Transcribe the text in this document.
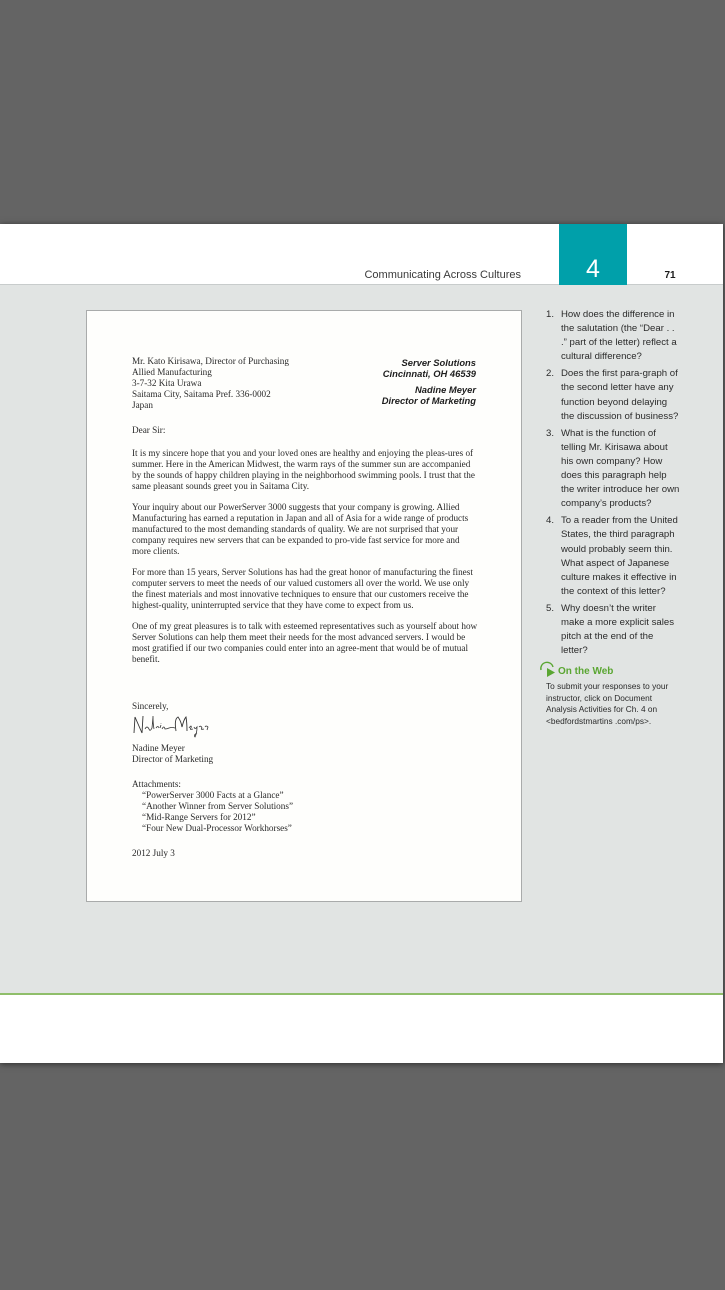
Communicating Across Cultures	4	71
Mr. Kato Kirisawa, Director of Purchasing
Allied Manufacturing
3-7-32 Kita Urawa
Saitama City, Saitama Pref. 336-0002
Japan
Server Solutions
Cincinnati, OH 46539
Nadine Meyer
Director of Marketing
Dear Sir:

It is my sincere hope that you and your loved ones are healthy and enjoying the pleas-ures of summer. Here in the American Midwest, the warm rays of the summer sun are accompanied by the sounds of happy children playing in the neighborhood swimming pools. I trust that the same pleasant sounds greet you in Saitama City.

Your inquiry about our PowerServer 3000 suggests that your company is growing. Allied Manufacturing has earned a reputation in Japan and all of Asia for a wide range of products manufactured to the most demanding standards of quality. We are not surprised that your company requires new servers that can be expanded to pro-vide fast service for more and more clients.

For more than 15 years, Server Solutions has had the great honor of manufacturing the finest computer servers to meet the needs of our valued customers all over the world. We use only the finest materials and most innovative techniques to ensure that our customers receive the highest-quality, uninterrupted service that they have come to expect from us.

One of my great pleasures is to talk with esteemed representatives such as yourself about how Server Solutions can help them meet their needs for the most advanced servers. I would be most gratified if our two companies could enter into an agree-ment that would be of mutual benefit.

Sincerely,
Nadine Meyer
Director of Marketing
Attachments:
“PowerServer 3000 Facts at a Glance”
“Another Winner from Server Solutions”
“Mid-Range Servers for 2012”
“Four New Dual-Processor Workhorses”
2012 July 3
1. How does the difference in the salutation (the “Dear . . .” part of the letter) reflect a cultural difference?
2. Does the first para-graph of the second letter have any function beyond delaying the discussion of business?
3. What is the function of telling Mr. Kirisawa about his own company? How does this paragraph help the writer introduce her own company’s products?
4. To a reader from the United States, the third paragraph would probably seem thin. What aspect of Japanese culture makes it effective in the context of this letter?
5. Why doesn’t the writer make a more explicit sales pitch at the end of the letter?
On the Web
To submit your responses to your instructor, click on Document Analysis Activities for Ch. 4 on <bedfordstmartins .com/ps>.
